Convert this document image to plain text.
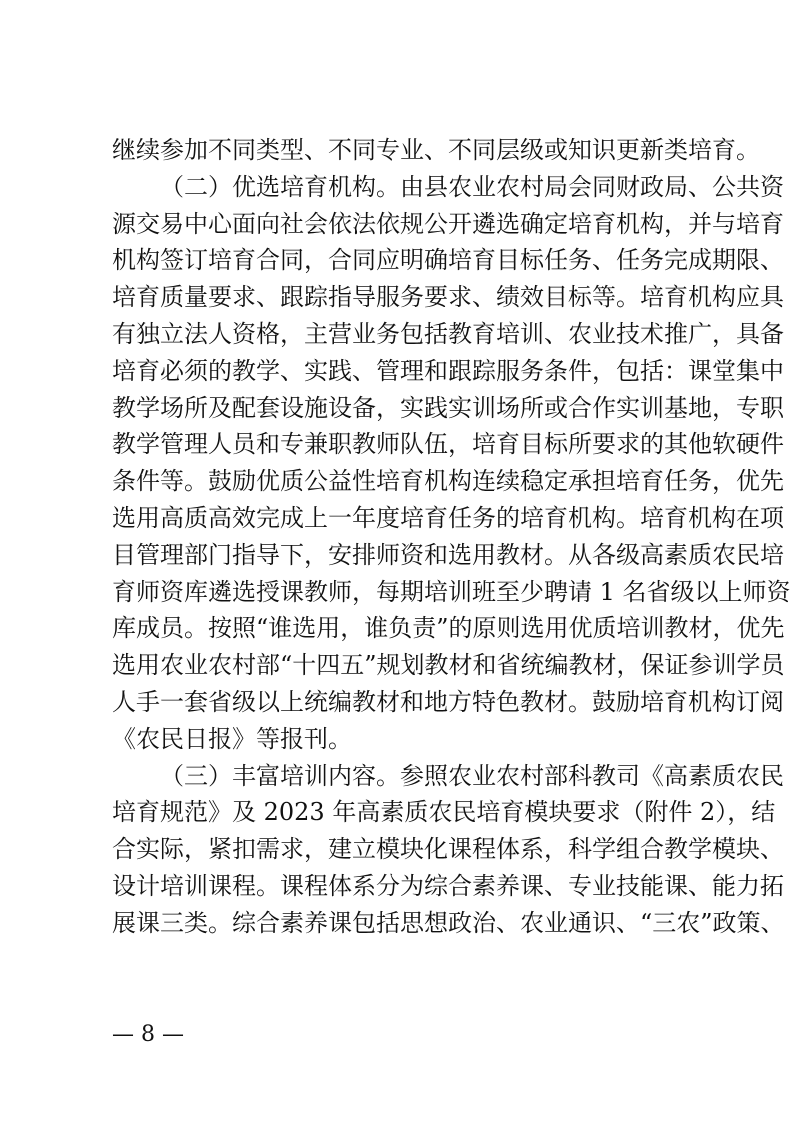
继续参加不同类型、不同专业、不同层级或知识更新类培育。
（二）优选培育机构。由县农业农村局会同财政局、公共资
源交易中心面向社会依法依规公开遴选确定培育机构，并与培育
机构签订培育合同，合同应明确培育目标任务、任务完成期限、
培育质量要求、跟踪指导服务要求、绩效目标等。培育机构应具
有独立法人资格，主营业务包括教育培训、农业技术推广，具备
培育必须的教学、实践、管理和跟踪服务条件，包括：课堂集中
教学场所及配套设施设备，实践实训场所或合作实训基地，专职
教学管理人员和专兼职教师队伍，培育目标所要求的其他软硬件
条件等。鼓励优质公益性培育机构连续稳定承担培育任务，优先
选用高质高效完成上一年度培育任务的培育机构。培育机构在项
目管理部门指导下，安排师资和选用教材。从各级高素质农民培
育师资库遴选授课教师，每期培训班至少聘请 1 名省级以上师资
库成员。按照“谁选用，谁负责”的原则选用优质培训教材，优先
选用农业农村部“十四五”规划教材和省统编教材，保证参训学员
人手一套省级以上统编教材和地方特色教材。鼓励培育机构订阅
《农民日报》等报刊。
（三）丰富培训内容。参照农业农村部科教司《高素质农民
培育规范》及 2023 年高素质农民培育模块要求（附件 2），结
合实际，紧扣需求，建立模块化课程体系，科学组合教学模块、
设计培训课程。课程体系分为综合素养课、专业技能课、能力拓
展课三类。综合素养课包括思想政治、农业通识、“三农”政策、
— 8 —
